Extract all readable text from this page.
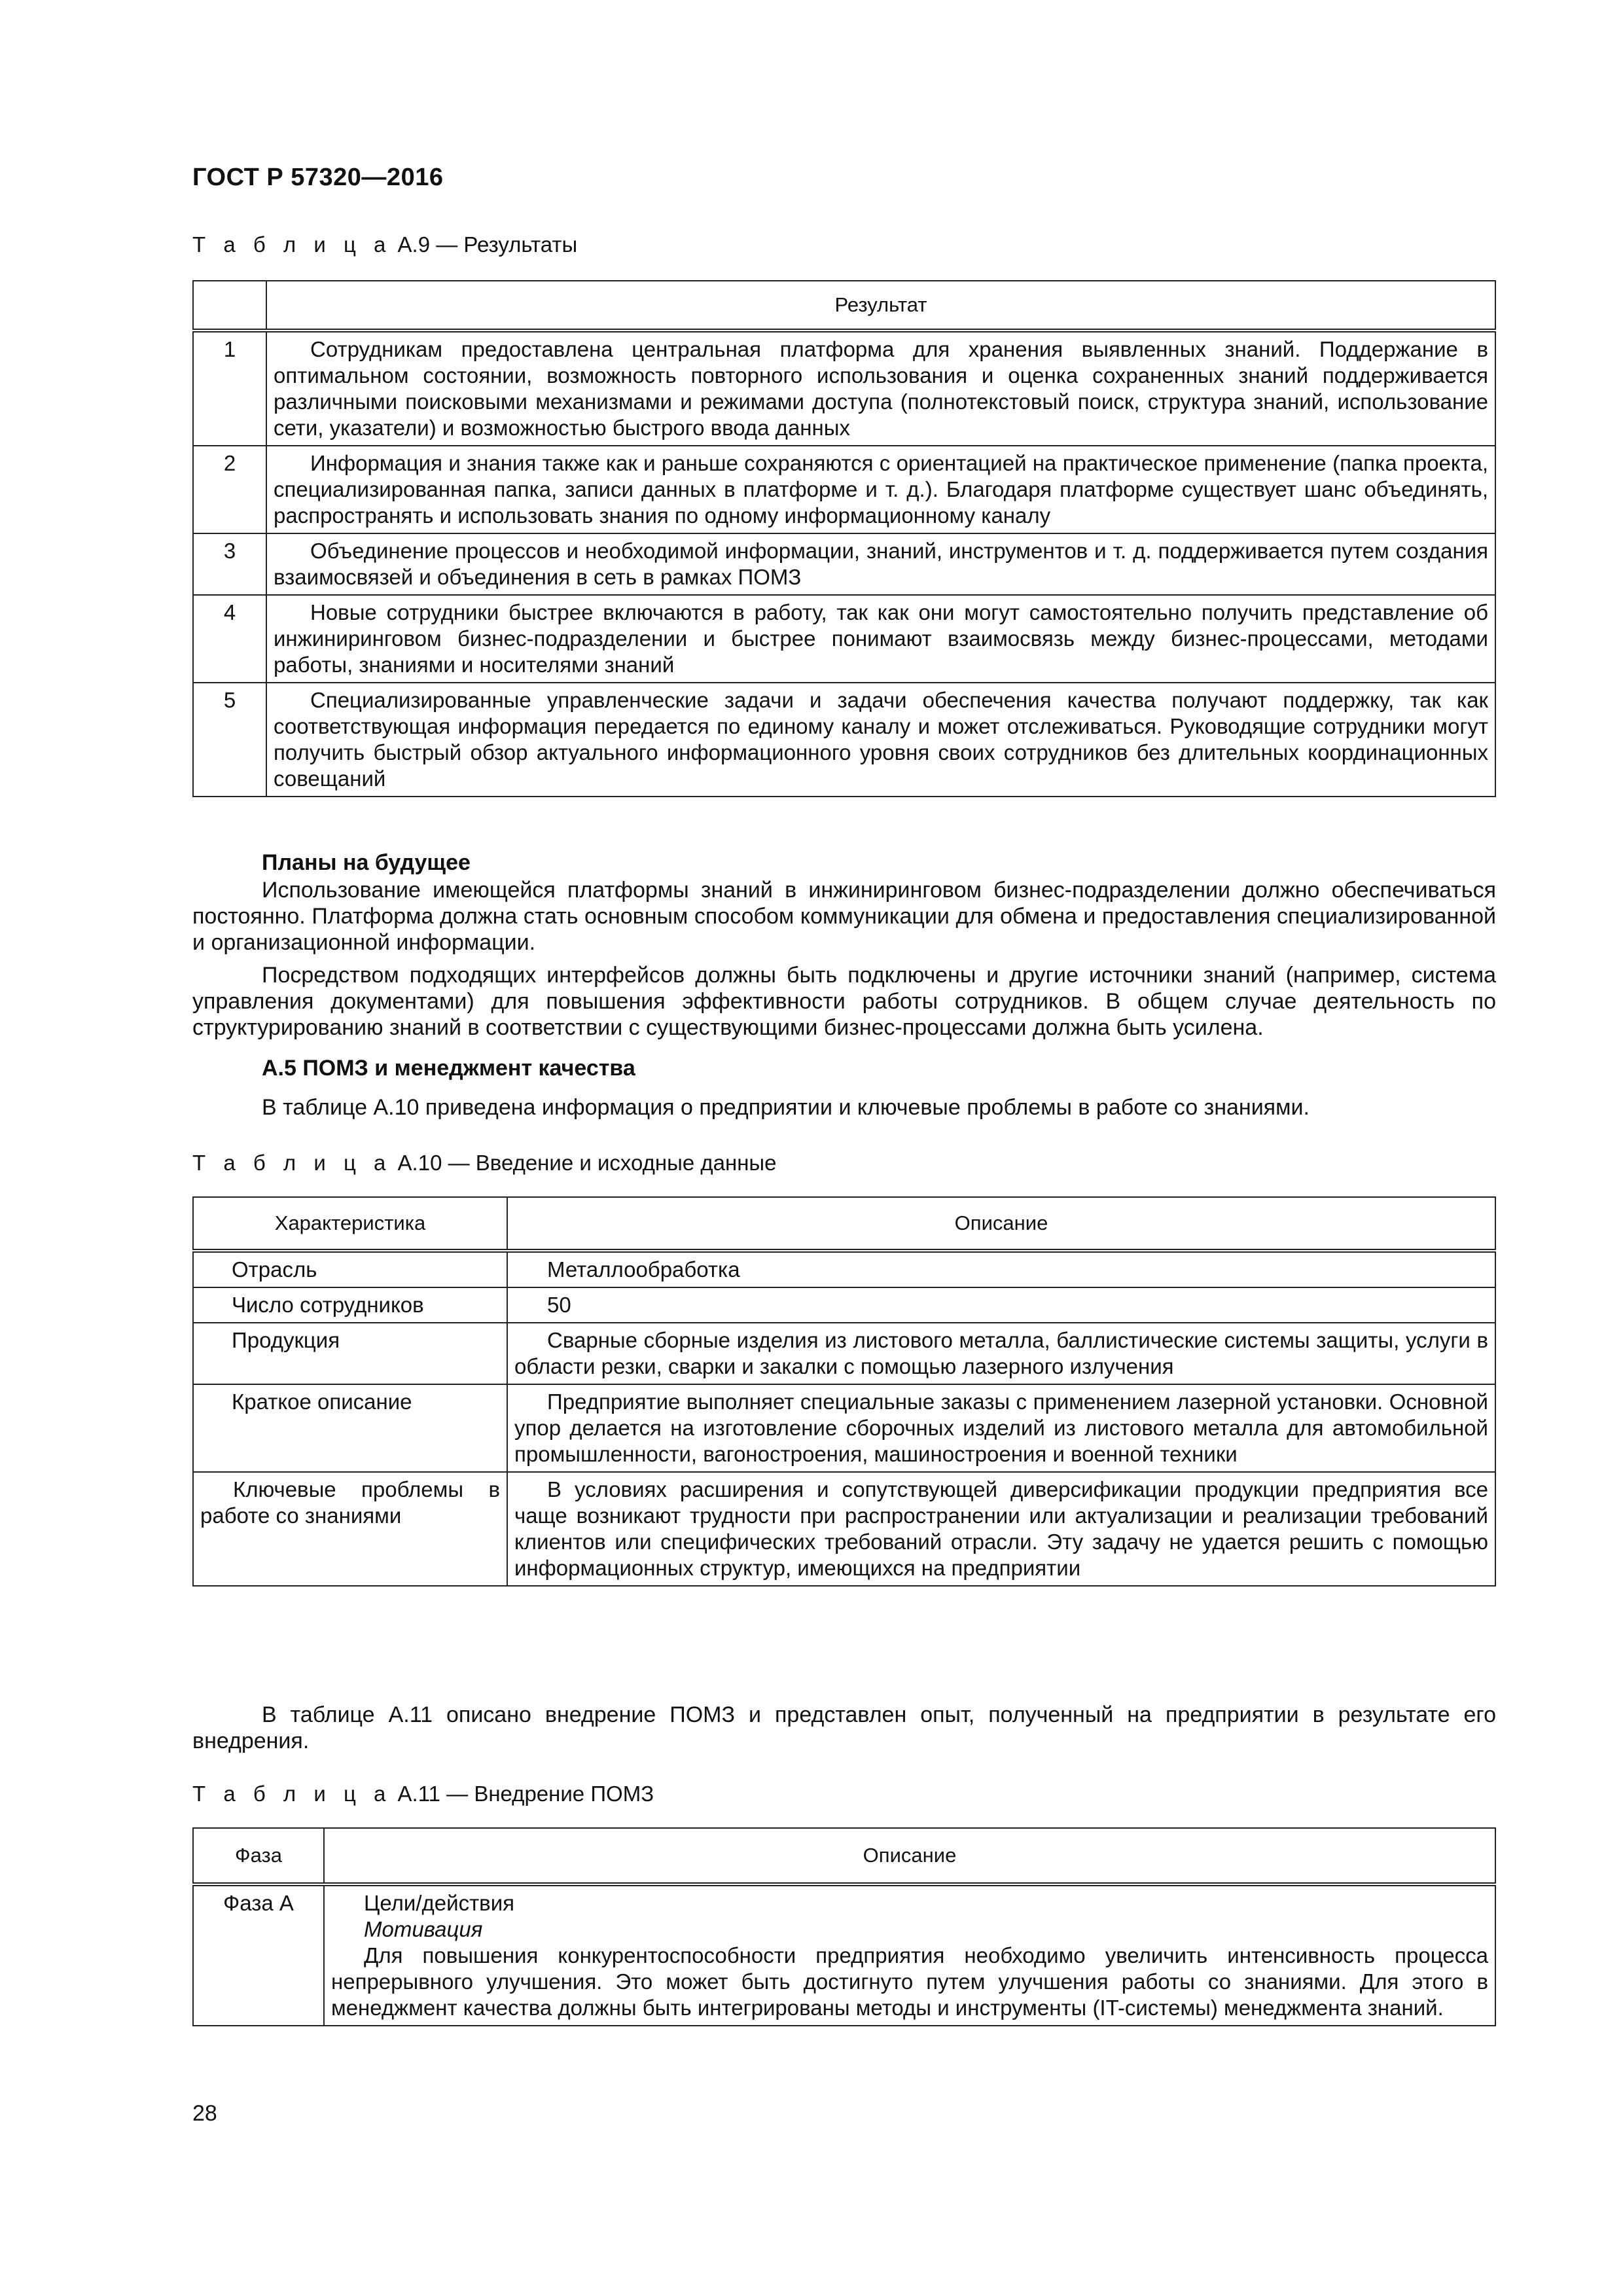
ГОСТ Р 57320—2016
Т а б л и ц а А.9 — Результаты
	Результат
1	Сотрудникам предоставлена центральная платформа для хранения выявленных знаний. Поддержание в оптимальном состоянии, возможность повторного использования и оценка сохраненных знаний поддерживается различными поисковыми механизмами и режимами доступа (полнотекстовый поиск, структура знаний, использование сети, указатели) и возможностью быстрого ввода данных
2	Информация и знания также как и раньше сохраняются с ориентацией на практическое применение (папка проекта, специализированная папка, записи данных в платформе и т. д.). Благодаря платформе существует шанс объединять, распространять и использовать знания по одному информационному каналу
3	Объединение процессов и необходимой информации, знаний, инструментов и т. д. поддерживается путем создания взаимосвязей и объединения в сеть в рамках ПОМЗ
4	Новые сотрудники быстрее включаются в работу, так как они могут самостоятельно получить представление об инжиниринговом бизнес-подразделении и быстрее понимают взаимосвязь между бизнес-процессами, методами работы, знаниями и носителями знаний
5	Специализированные управленческие задачи и задачи обеспечения качества получают поддержку, так как соответствующая информация передается по единому каналу и может отслеживаться. Руководящие сотрудники могут получить быстрый обзор актуального информационного уровня своих сотрудников без длительных координационных совещаний
Планы на будущее
Использование имеющейся платформы знаний в инжиниринговом бизнес-подразделении должно обеспечиваться постоянно. Платформа должна стать основным способом коммуникации для обмена и предоставления специализированной и организационной информации.
Посредством подходящих интерфейсов должны быть подключены и другие источники знаний (например, система управления документами) для повышения эффективности работы сотрудников. В общем случае деятельность по структурированию знаний в соответствии с существующими бизнес-процессами должна быть усилена.
А.5 ПОМЗ и менеджмент качества
В таблице А.10 приведена информация о предприятии и ключевые проблемы в работе со знаниями.
Т а б л и ц а А.10 — Введение и исходные данные
Характеристика	Описание
Отрасль	Металлообработка
Число сотрудников	50
Продукция	Сварные сборные изделия из листового металла, баллистические системы защиты, услуги в области резки, сварки и закалки с помощью лазерного излучения
Краткое описание	Предприятие выполняет специальные заказы с применением лазерной установки. Основной упор делается на изготовление сборочных изделий из листового металла для автомобильной промышленности, вагоностроения, машиностроения и военной техники
Ключевые проблемы в работе со знаниями	В условиях расширения и сопутствующей диверсификации продукции предприятия все чаще возникают трудности при распространении или актуализации и реализации требований клиентов или специфических требований отрасли. Эту задачу не удается решить с помощью информационных структур, имеющихся на предприятии
В таблице А.11 описано внедрение ПОМЗ и представлен опыт, полученный на предприятии в результате его внедрения.
Т а б л и ц а А.11 — Внедрение ПОМЗ
Фаза	Описание
Фаза А	Цели/действия
Мотивация
Для повышения конкурентоспособности предприятия необходимо увеличить интенсивность процесса непрерывного улучшения. Это может быть достигнуто путем улучшения работы со знаниями. Для этого в менеджмент качества должны быть интегрированы методы и инструменты (IT-системы) менеджмента знаний.
28
